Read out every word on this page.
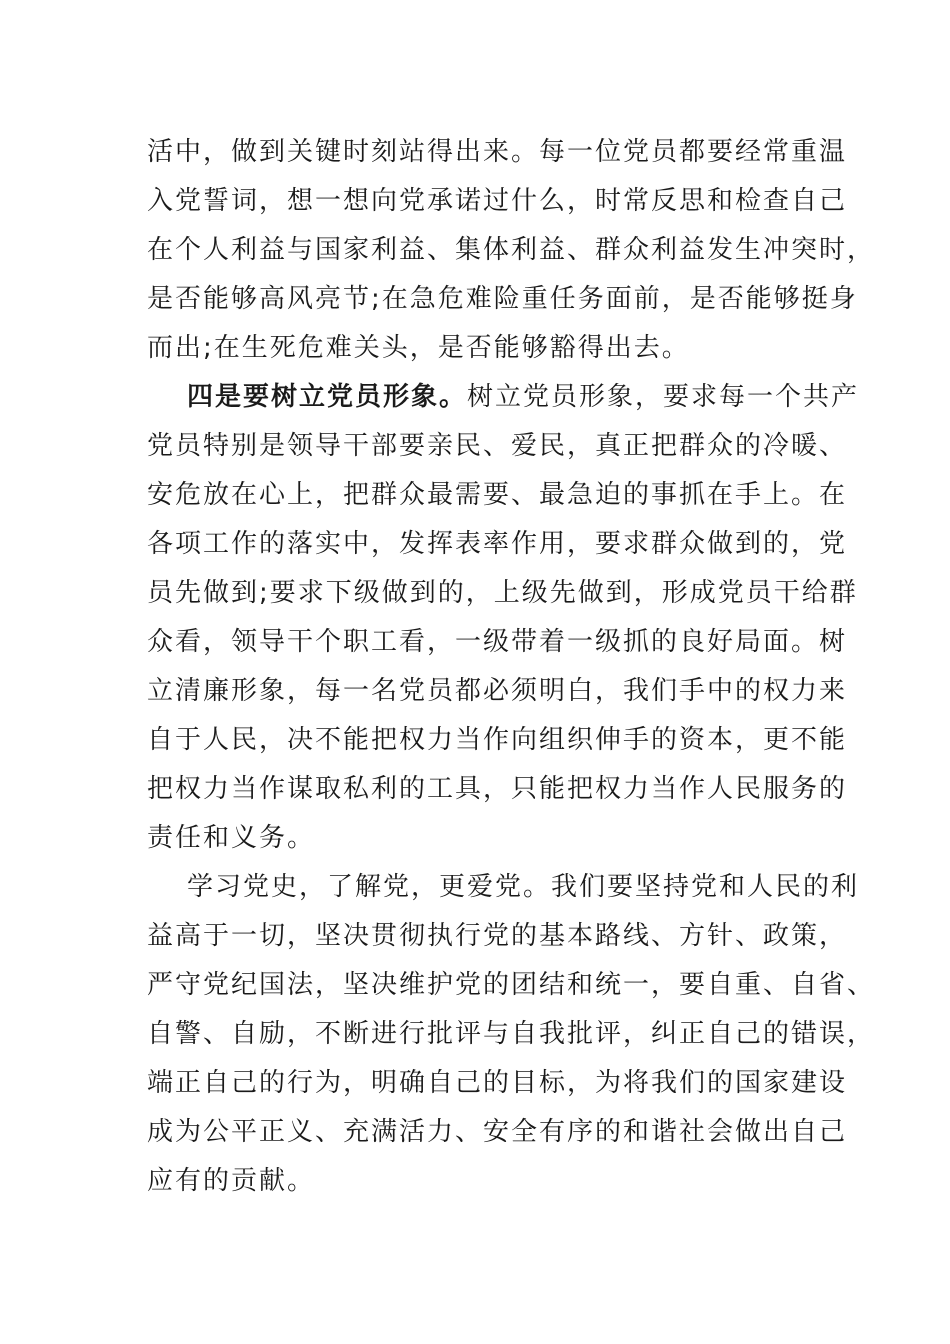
活中，做到关键时刻站得出来。每一位党员都要经常重温
入党誓词，想一想向党承诺过什么，时常反思和检查自己
在个人利益与国家利益、集体利益、群众利益发生冲突时，
是否能够高风亮节;在急危难险重任务面前，是否能够挺身
而出;在生死危难关头，是否能够豁得出去。
四是要树立党员形象。树立党员形象，要求每一个共产
党员特别是领导干部要亲民、爱民，真正把群众的冷暖、
安危放在心上，把群众最需要、最急迫的事抓在手上。在
各项工作的落实中，发挥表率作用，要求群众做到的，党
员先做到;要求下级做到的，上级先做到，形成党员干给群
众看，领导干个职工看，一级带着一级抓的良好局面。树
立清廉形象，每一名党员都必须明白，我们手中的权力来
自于人民，决不能把权力当作向组织伸手的资本，更不能
把权力当作谋取私利的工具，只能把权力当作人民服务的
责任和义务。
学习党史，了解党，更爱党。我们要坚持党和人民的利
益高于一切，坚决贯彻执行党的基本路线、方针、政策，
严守党纪国法，坚决维护党的团结和统一，要自重、自省、
自警、自励，不断进行批评与自我批评，纠正自己的错误，
端正自己的行为，明确自己的目标，为将我们的国家建设
成为公平正义、充满活力、安全有序的和谐社会做出自己
应有的贡献。
